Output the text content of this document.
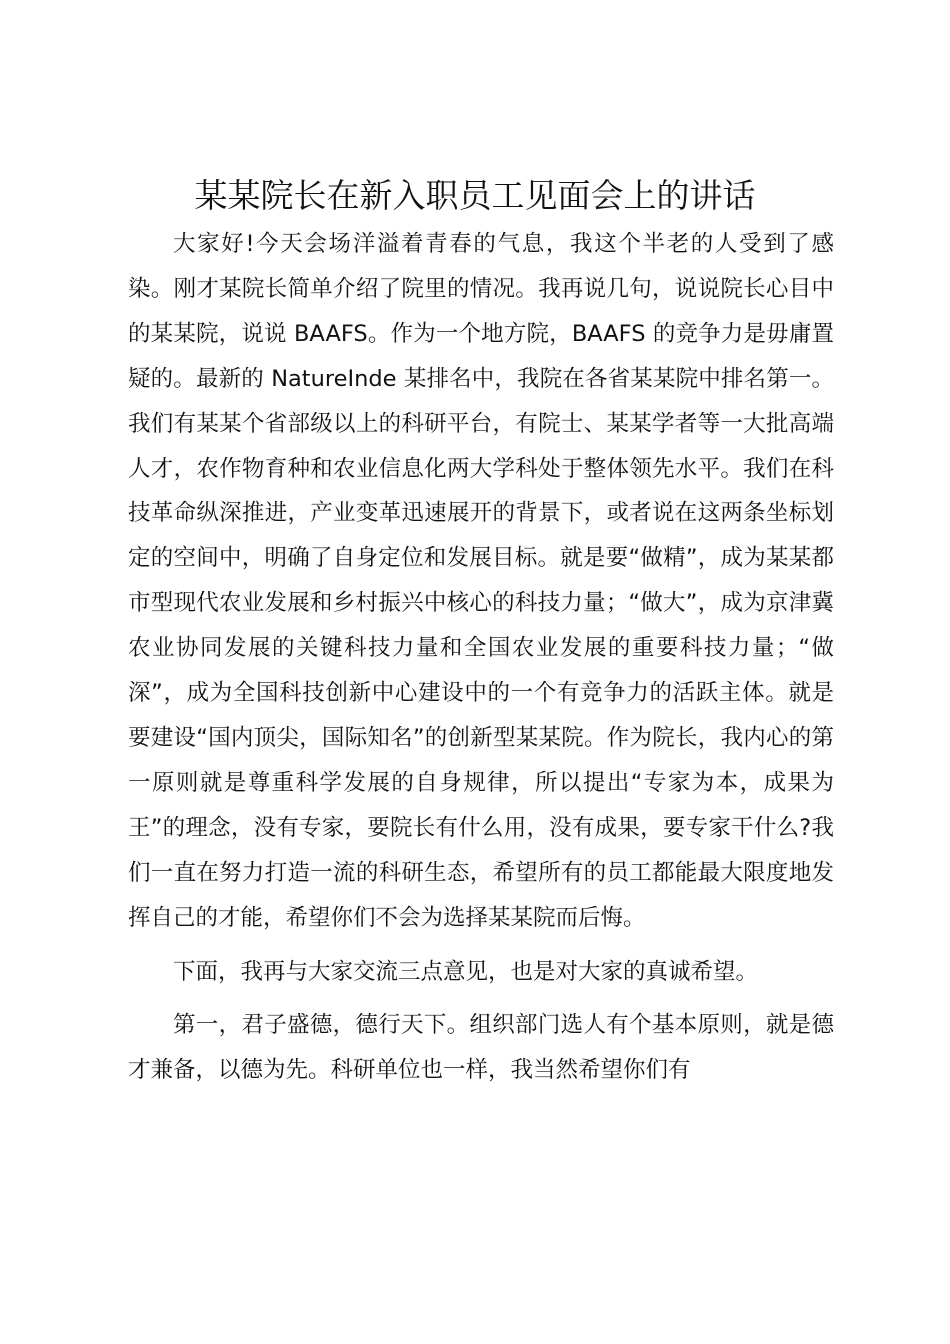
某某院长在新入职员工见面会上的讲话

大家好!今天会场洋溢着青春的气息，我这个半老的人受到了感染。刚才某院长简单介绍了院里的情况。我再说几句，说说院长心目中的某某院，说说 BAAFS。作为一个地方院，BAAFS 的竞争力是毋庸置疑的。最新的 NatureInde 某排名中，我院在各省某某院中排名第一。我们有某某个省部级以上的科研平台，有院士、某某学者等一大批高端人才，农作物育种和农业信息化两大学科处于整体领先水平。我们在科技革命纵深推进，产业变革迅速展开的背景下，或者说在这两条坐标划定的空间中，明确了自身定位和发展目标。就是要“做精”，成为某某都市型现代农业发展和乡村振兴中核心的科技力量；“做大”，成为京津冀农业协同发展的关键科技力量和全国农业发展的重要科技力量；“做深”，成为全国科技创新中心建设中的一个有竞争力的活跃主体。就是要建设“国内顶尖，国际知名”的创新型某某院。作为院长，我内心的第一原则就是尊重科学发展的自身规律，所以提出“专家为本，成果为王”的理念，没有专家，要院长有什么用，没有成果，要专家干什么?我们一直在努力打造一流的科研生态，希望所有的员工都能最大限度地发挥自己的才能，希望你们不会为选择某某院而后悔。

下面，我再与大家交流三点意见，也是对大家的真诚希望。

第一，君子盛德，德行天下。组织部门选人有个基本原则，就是德才兼备，以德为先。科研单位也一样，我当然希望你们有
